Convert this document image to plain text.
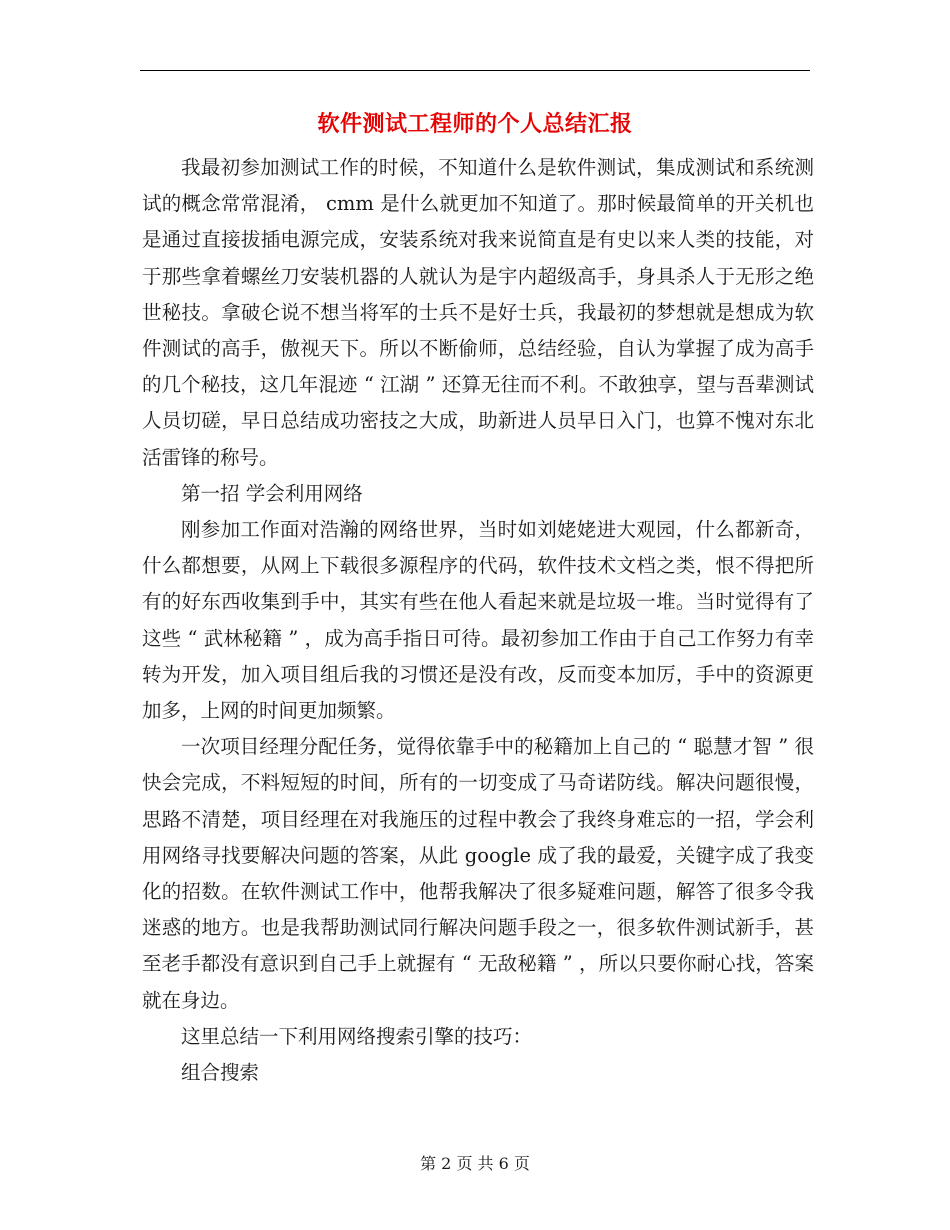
软件测试工程师的个人总结汇报

我最初参加测试工作的时候，不知道什么是软件测试，集成测试和系统测试的概念常常混淆， cmm 是什么就更加不知道了。那时候最简单的开关机也是通过直接拔插电源完成，安装系统对我来说简直是有史以来人类的技能，对于那些拿着螺丝刀安装机器的人就认为是宇内超级高手，身具杀人于无形之绝世秘技。拿破仑说不想当将军的士兵不是好士兵，我最初的梦想就是想成为软件测试的高手，傲视天下。所以不断偷师，总结经验，自认为掌握了成为高手的几个秘技，这几年混迹 “ 江湖 ” 还算无往而不利。不敢独享，望与吾辈测试人员切磋，早日总结成功密技之大成，助新进人员早日入门，也算不愧对东北活雷锋的称号。

第一招 学会利用网络

刚参加工作面对浩瀚的网络世界，当时如刘姥姥进大观园，什么都新奇，什么都想要，从网上下载很多源程序的代码，软件技术文档之类，恨不得把所有的好东西收集到手中，其实有些在他人看起来就是垃圾一堆。当时觉得有了这些 “ 武林秘籍 ” ，成为高手指日可待。最初参加工作由于自己工作努力有幸转为开发，加入项目组后我的习惯还是没有改，反而变本加厉，手中的资源更加多，上网的时间更加频繁。

一次项目经理分配任务，觉得依靠手中的秘籍加上自己的 “ 聪慧才智 ” 很快会完成，不料短短的时间，所有的一切变成了马奇诺防线。解决问题很慢，思路不清楚，项目经理在对我施压的过程中教会了我终身难忘的一招，学会利用网络寻找要解决问题的答案，从此 google 成了我的最爱，关键字成了我变化的招数。在软件测试工作中，他帮我解决了很多疑难问题，解答了很多令我迷惑的地方。也是我帮助测试同行解决问题手段之一，很多软件测试新手，甚至老手都没有意识到自己手上就握有 “ 无敌秘籍 ” ，所以只要你耐心找，答案就在身边。

这里总结一下利用网络搜索引擎的技巧：

组合搜索

第 2 页 共 6 页
